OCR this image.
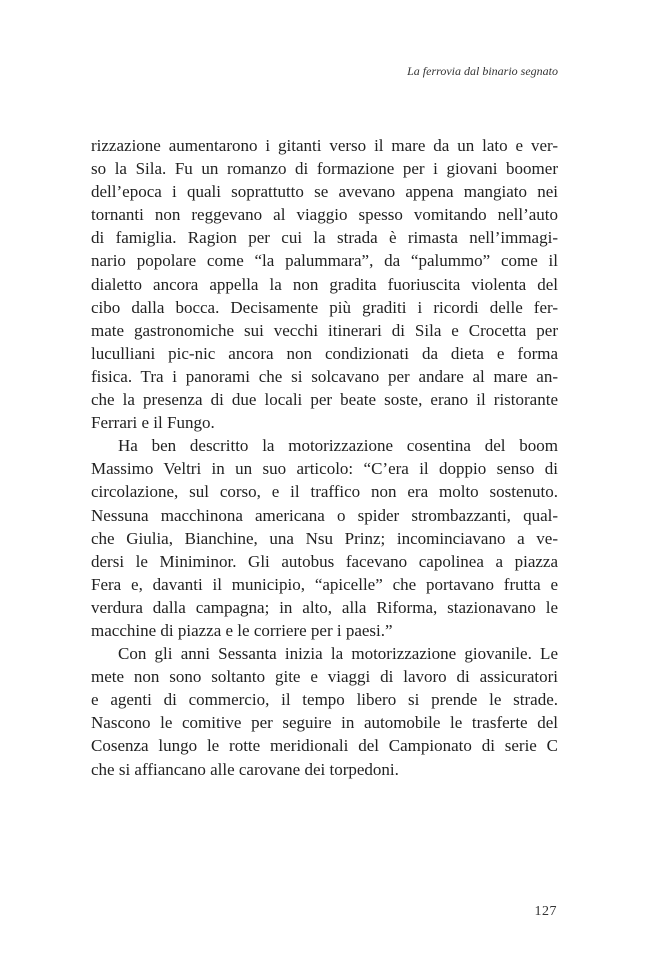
La ferrovia dal binario segnato
rizzazione aumentarono i gitanti verso il mare da un lato e ver-
so la Sila. Fu un romanzo di formazione per i giovani boomer
dell’epoca i quali soprattutto se avevano appena mangiato nei
tornanti non reggevano al viaggio spesso vomitando nell’auto
di famiglia. Ragion per cui la strada è rimasta nell’immagi-
nario popolare come “la palummara”, da “palummo” come il
dialetto ancora appella la non gradita fuoriuscita violenta del
cibo dalla bocca. Decisamente più graditi i ricordi delle fer-
mate gastronomiche sui vecchi itinerari di Sila e Crocetta per
luculliani pic-nic ancora non condizionati da dieta e forma
fisica. Tra i panorami che si solcavano per andare al mare an-
che la presenza di due locali per beate soste, erano il ristorante
Ferrari e il Fungo.
Ha ben descritto la motorizzazione cosentina del boom
Massimo Veltri in un suo articolo: “C’era il doppio senso di
circolazione, sul corso, e il traffico non era molto sostenuto.
Nessuna macchinona americana o spider strombazzanti, qual-
che Giulia, Bianchine, una Nsu Prinz; incominciavano a ve-
dersi le Miniminor. Gli autobus facevano capolinea a piazza
Fera e, davanti il municipio, “apicelle” che portavano frutta e
verdura dalla campagna; in alto, alla Riforma, stazionavano le
macchine di piazza e le corriere per i paesi.”
Con gli anni Sessanta inizia la motorizzazione giovanile. Le
mete non sono soltanto gite e viaggi di lavoro di assicuratori
e agenti di commercio, il tempo libero si prende le strade.
Nascono le comitive per seguire in automobile le trasferte del
Cosenza lungo le rotte meridionali del Campionato di serie C
che si affiancano alle carovane dei torpedoni.
127
